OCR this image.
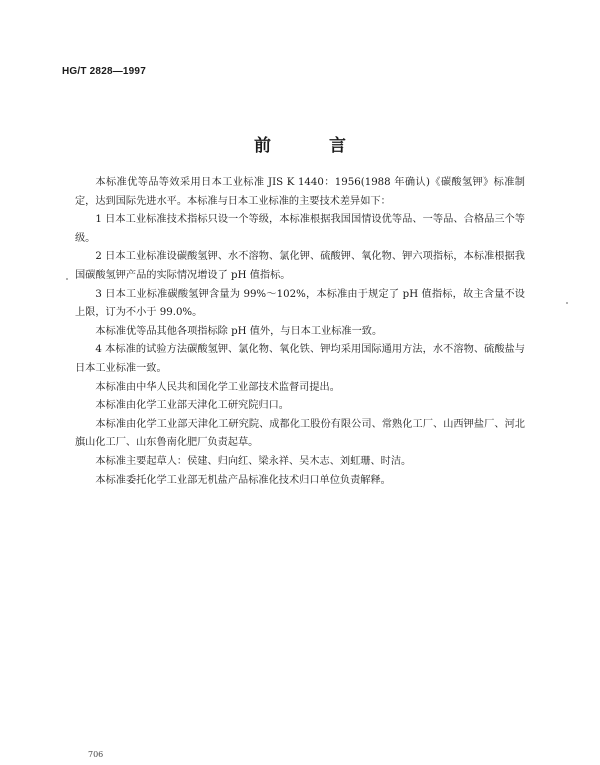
HG/T 2828—1997
前 言

本标准优等品等效采用日本工业标准 JIS K 1440：1956(1988 年确认)《碳酸氢钾》标准制定，达到国际先进水平。本标准与日本工业标准的主要技术差异如下：

1 日本工业标准技术指标只设一个等级，本标准根据我国国情设优等品、一等品、合格品三个等级。

2 日本工业标准设碳酸氢钾、水不溶物、氯化钾、硫酸钾、氧化物、钾六项指标，本标准根据我国碳酸氢钾产品的实际情况增设了 pH 值指标。

3 日本工业标准碳酸氢钾含量为 99%～102%，本标准由于规定了 pH 值指标，故主含量不设上限，订为不小于 99.0%。

本标准优等品其他各项指标除 pH 值外，与日本工业标准一致。

4 本标准的试验方法碳酸氢钾、氯化物、氧化铁、钾均采用国际通用方法，水不溶物、硫酸盐与日本工业标准一致。

本标准由中华人民共和国化学工业部技术监督司提出。

本标准由化学工业部天津化工研究院归口。

本标准由化学工业部天津化工研究院、成都化工股份有限公司、常熟化工厂、山西钾盐厂、河北旗山化工厂、山东鲁南化肥厂负责起草。

本标准主要起草人：侯建、归向红、梁永祥、吴木志、刘虹珊、时洁。

本标准委托化学工业部无机盐产品标准化技术归口单位负责解释。

706
